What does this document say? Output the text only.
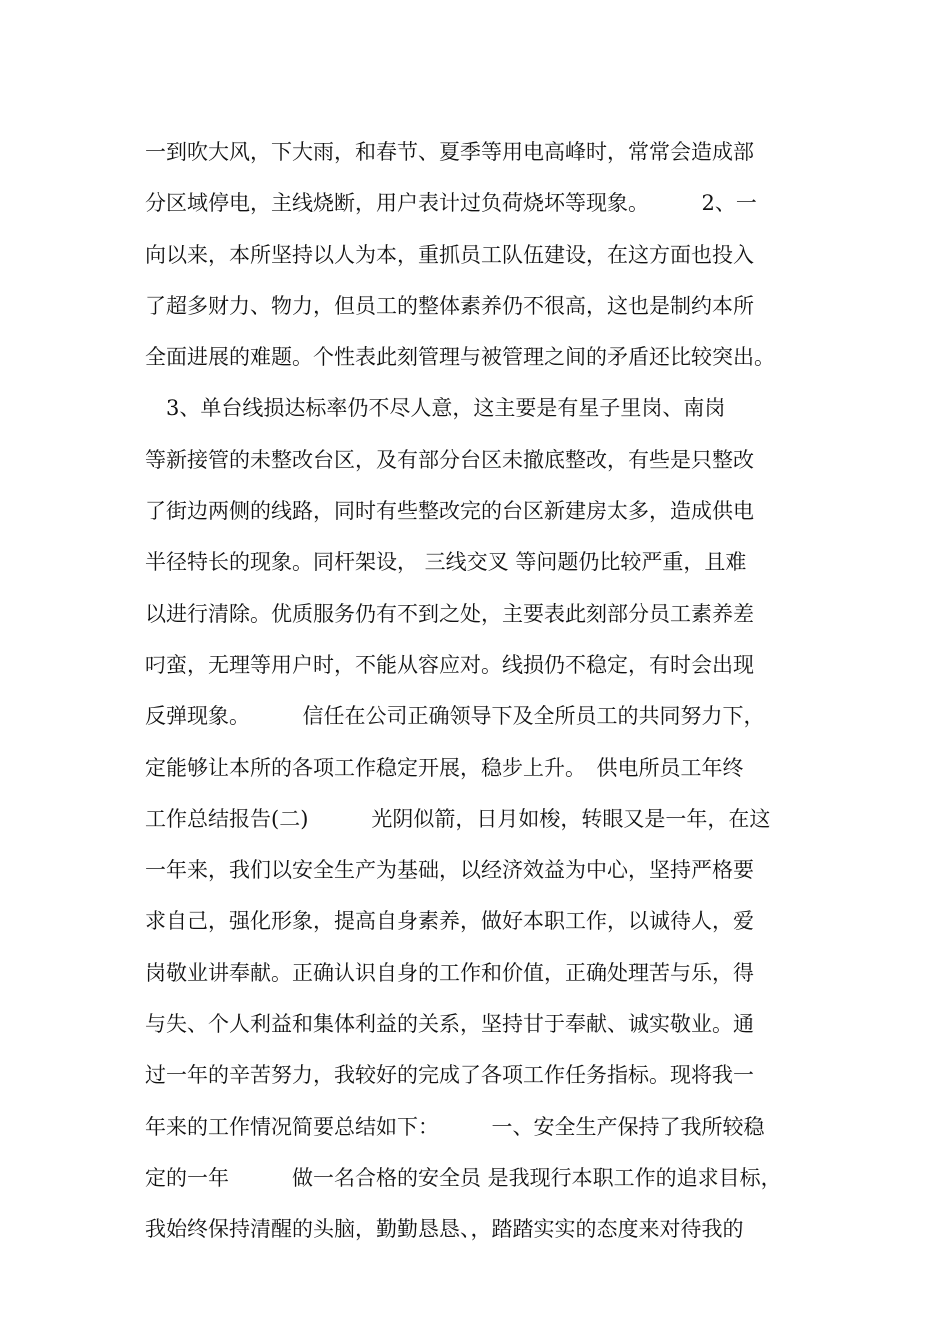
一到吹大风，下大雨，和春节、夏季等用电高峰时，常常会造成部
分区域停电，主线烧断，用户表计过负荷烧坏等现象。　　　2、一
向以来，本所坚持以人为本，重抓员工队伍建设，在这方面也投入
了超多财力、物力，但员工的整体素养仍不很高，这也是制约本所
全面进展的难题。个性表此刻管理与被管理之间的矛盾还比较突出。
　3、单台线损达标率仍不尽人意，这主要是有星子里岗、南岗
等新接管的未整改台区，及有部分台区未撤底整改，有些是只整改
了街边两侧的线路，同时有些整改完的台区新建房太多，造成供电
半径特长的现象。同杆架设， 三线交叉 等问题仍比较严重，且难
以进行清除。优质服务仍有不到之处，主要表此刻部分员工素养差
叼蛮，无理等用户时，不能从容应对。线损仍不稳定，有时会出现
反弹现象。　　　信任在公司正确领导下及全所员工的共同努力下，
定能够让本所的各项工作稳定开展，稳步上升。　供电所员工年终
工作总结报告(二)　　　光阴似箭，日月如梭，转眼又是一年，在这
一年来，我们以安全生产为基础，以经济效益为中心，坚持严格要
求自己，强化形象，提高自身素养，做好本职工作，以诚待人，爱
岗敬业讲奉献。正确认识自身的工作和价值，正确处理苦与乐，得
与失、个人利益和集体利益的关系，坚持甘于奉献、诚实敬业。通
过一年的辛苦努力，我较好的完成了各项工作任务指标。现将我一
年来的工作情况简要总结如下：　　　一、安全生产保持了我所较稳
定的一年　　　做一名合格的安全员 是我现行本职工作的追求目标，
我始终保持清醒的头脑，勤勤恳恳、，踏踏实实的态度来对待我的
